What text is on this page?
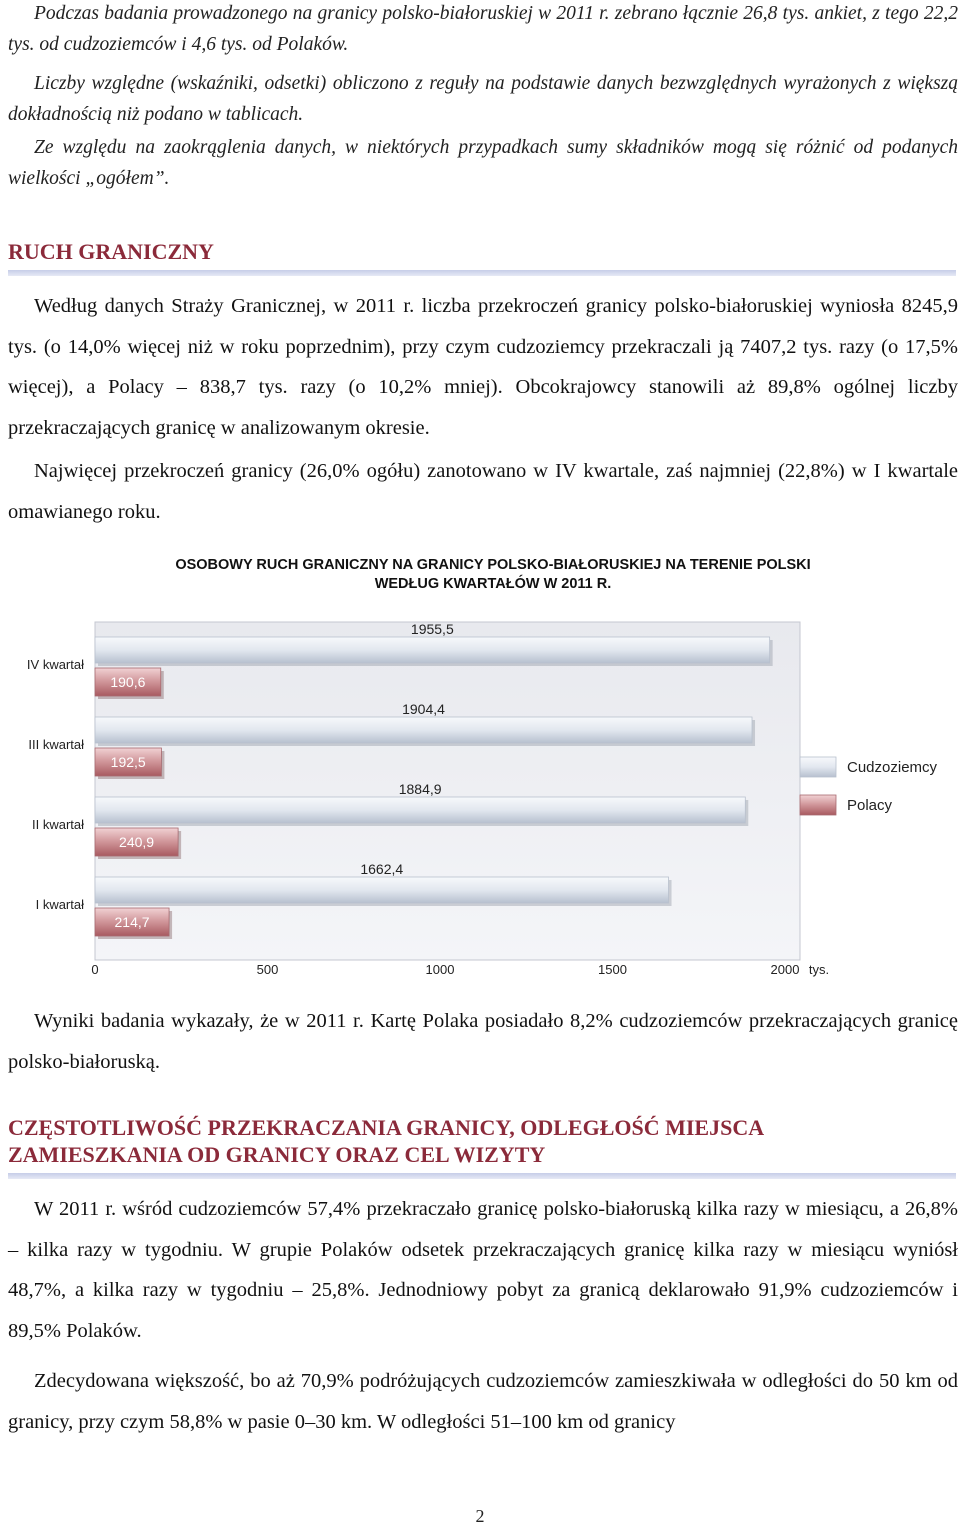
Podczas badania prowadzonego na granicy polsko-białoruskiej w 2011 r. zebrano łącznie 26,8 tys. ankiet, z tego 22,2 tys. od cudzoziemców i 4,6 tys. od Polaków.

Liczby względne (wskaźniki, odsetki) obliczono z reguły na podstawie danych bezwzględnych wyrażonych z większą dokładnością niż podano w tablicach.

Ze względu na zaokrąglenia danych, w niektórych przypadkach sumy składników mogą się różnić od podanych wielkości „ogółem”.

RUCH GRANICZNY

Według danych Straży Granicznej, w 2011 r. liczba przekroczeń granicy polsko-białoruskiej wyniosła 8245,9 tys. (o 14,0% więcej niż w roku poprzednim), przy czym cudzoziemcy przekraczali ją 7407,2 tys. razy (o 17,5% więcej), a Polacy – 838,7 tys. razy (o 10,2% mniej). Obcokrajowcy stanowili aż 89,8% ogólnej liczby przekraczających granicę w analizowanym okresie.

Najwięcej przekroczeń granicy (26,0% ogółu) zanotowano w IV kwartale, zaś najmniej (22,8%) w I kwartale omawianego roku.

OSOBOWY RUCH GRANICZNY NA GRANICY POLSKO-BIAŁORUSKIEJ NA TERENIE POLSKI
WEDŁUG KWARTAŁÓW W 2011 R.
IV kwartał
1955,5
190,6
III kwartał
1904,4
192,5
II kwartał
1884,9
240,9
I kwartał
1662,4
214,7
0	500	1000	1500	2000 tys.
Cudzoziemcy
Polacy

Wyniki badania wykazały, że w 2011 r. Kartę Polaka posiadało 8,2% cudzoziemców przekraczających granicę polsko-białoruską.

CZĘSTOTLIWOŚĆ PRZEKRACZANIA GRANICY, ODLEGŁOŚĆ MIEJSCA
ZAMIESZKANIA OD GRANICY ORAZ CEL WIZYTY

W 2011 r. wśród cudzoziemców 57,4% przekraczało granicę polsko-białoruską kilka razy w miesiącu, a 26,8% – kilka razy w tygodniu. W grupie Polaków odsetek przekraczających granicę kilka razy w miesiącu wyniósł 48,7%, a kilka razy w tygodniu – 25,8%. Jednodniowy pobyt za granicą deklarowało 91,9% cudzoziemców i 89,5% Polaków.

Zdecydowana większość, bo aż 70,9% podróżujących cudzoziemców zamieszkiwała w odległości do 50 km od granicy, przy czym 58,8% w pasie 0–30 km. W odległości 51–100 km od granicy

2
